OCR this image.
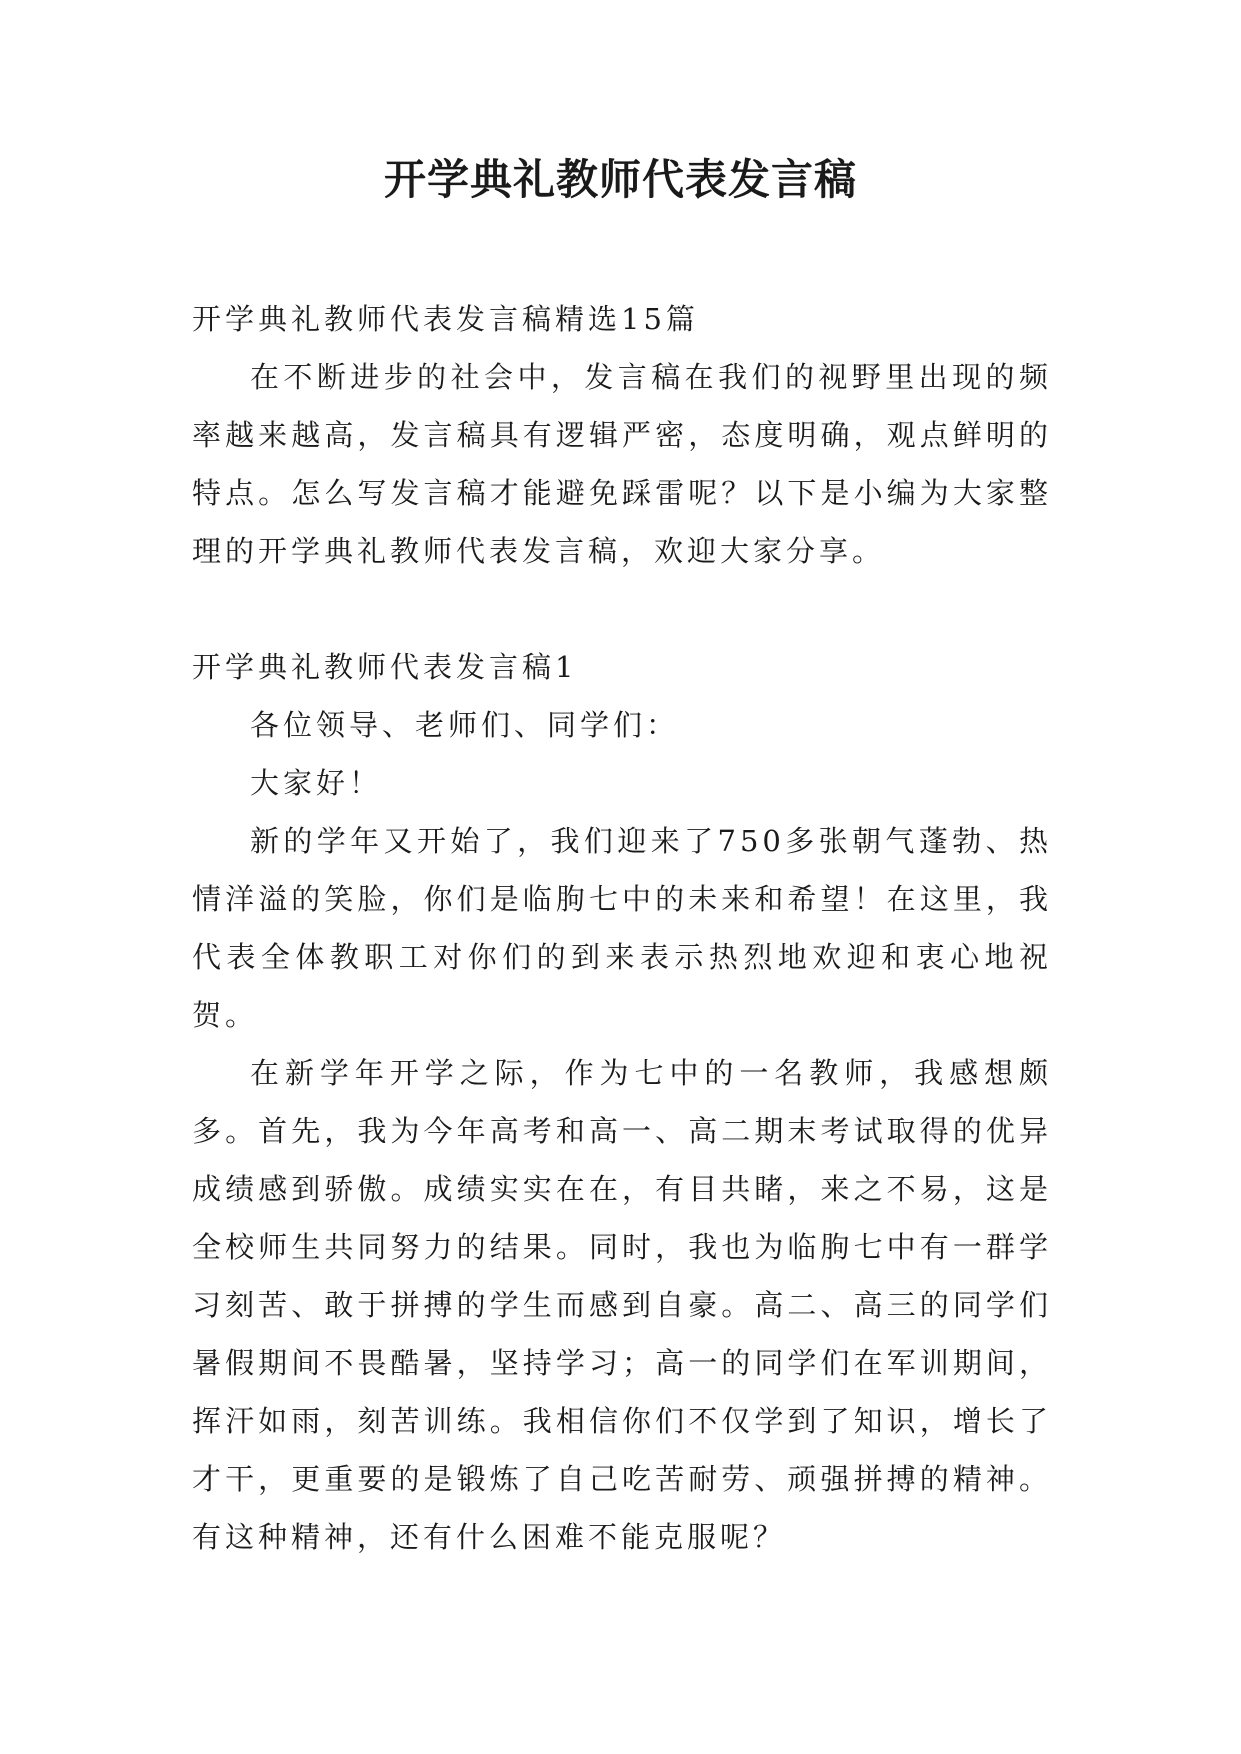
开学典礼教师代表发言稿

开学典礼教师代表发言稿精选15篇

在不断进步的社会中，发言稿在我们的视野里出现的频率越来越高，发言稿具有逻辑严密，态度明确，观点鲜明的特点。怎么写发言稿才能避免踩雷呢？以下是小编为大家整理的开学典礼教师代表发言稿，欢迎大家分享。

开学典礼教师代表发言稿1

各位领导、老师们、同学们：

大家好！

新的学年又开始了，我们迎来了750多张朝气蓬勃、热情洋溢的笑脸，你们是临朐七中的未来和希望！在这里，我代表全体教职工对你们的到来表示热烈地欢迎和衷心地祝贺。

在新学年开学之际，作为七中的一名教师，我感想颇多。首先，我为今年高考和高一、高二期末考试取得的优异成绩感到骄傲。成绩实实在在，有目共睹，来之不易，这是全校师生共同努力的结果。同时，我也为临朐七中有一群学习刻苦、敢于拼搏的学生而感到自豪。高二、高三的同学们暑假期间不畏酷暑，坚持学习；高一的同学们在军训期间，挥汗如雨，刻苦训练。我相信你们不仅学到了知识，增长了才干，更重要的是锻炼了自己吃苦耐劳、顽强拼搏的精神。有这种精神，还有什么困难不能克服呢？
